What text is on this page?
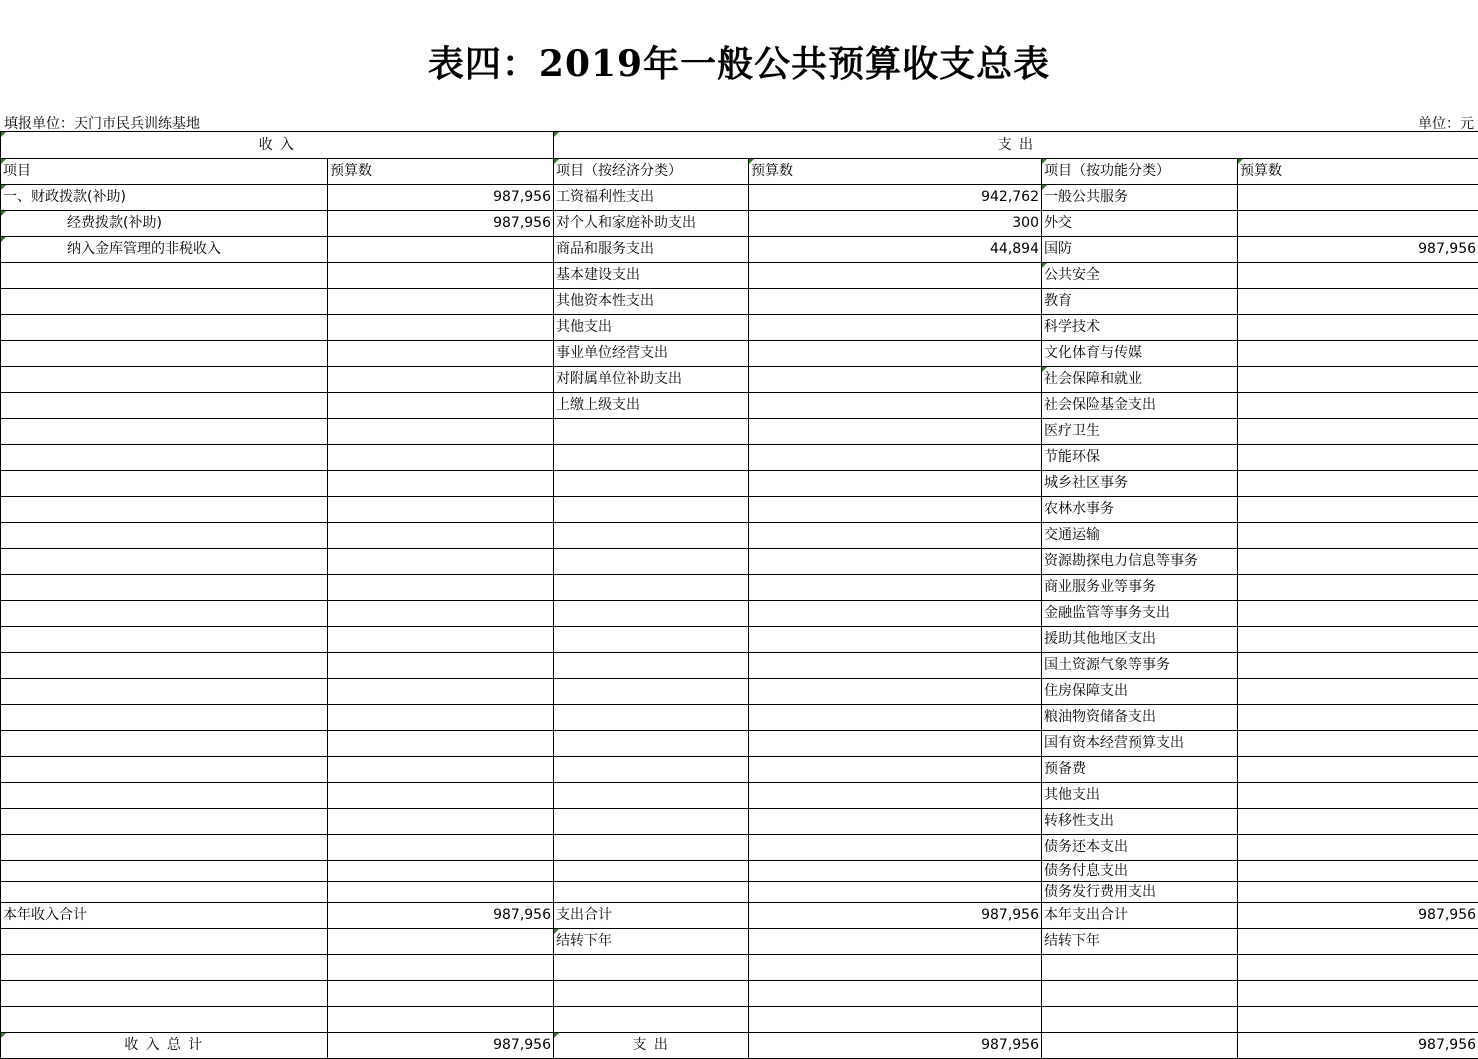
表四：2019年一般公共预算收支总表
填报单位：天门市民兵训练基地	单位：元
收 入		支 出			
项目	预算数	项目（按经济分类）	预算数	项目（按功能分类）	预算数
一、财政拨款(补助)	987,956	工资福利性支出	942,762	一般公共服务	
经费拨款(补助)	987,956	对个人和家庭补助支出	300	外交	
纳入金库管理的非税收入		商品和服务支出	44,894	国防	987,956
		基本建设支出		公共安全	
		其他资本性支出		教育	
		其他支出		科学技术	
		事业单位经营支出		文化体育与传媒	
		对附属单位补助支出		社会保障和就业	
		上缴上级支出		社会保险基金支出	
				医疗卫生	
				节能环保	
				城乡社区事务	
				农林水事务	
				交通运输	
				资源勘探电力信息等事务	
				商业服务业等事务	
				金融监管等事务支出	
				援助其他地区支出	
				国土资源气象等事务	
				住房保障支出	
				粮油物资储备支出	
				国有资本经营预算支出	
				预备费	
				其他支出	
				转移性支出	
				债务还本支出	
				债务付息支出	
				债务发行费用支出	
本年收入合计	987,956	支出合计	987,956	本年支出合计	987,956
		结转下年		结转下年	

收 入 总 计	987,956	支 出	987,956		987,956
